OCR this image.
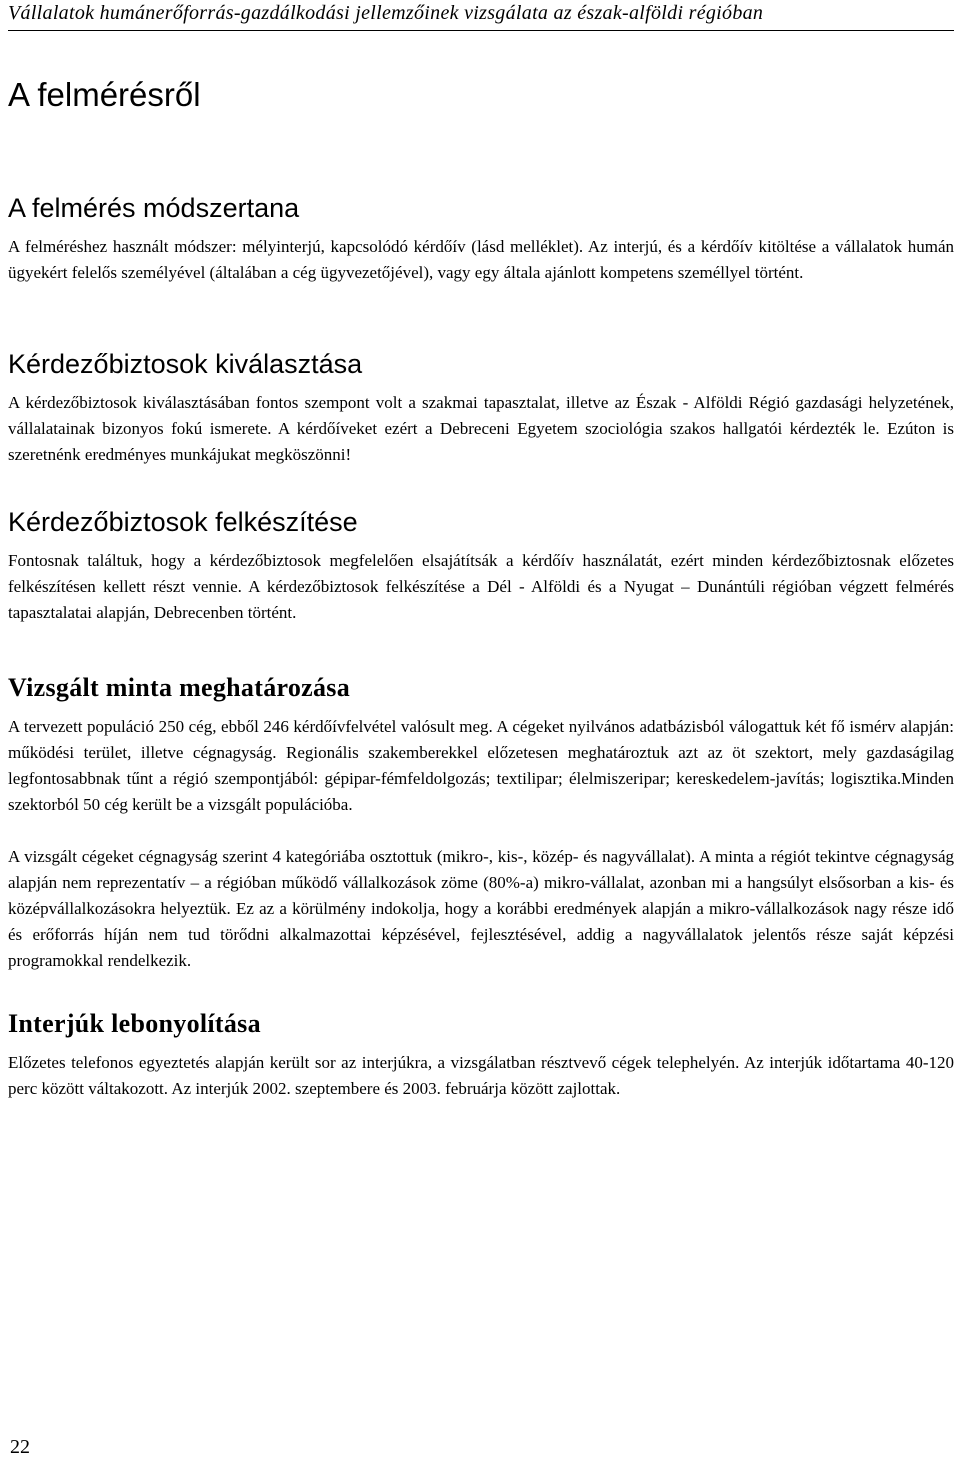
Vállalatok humánerőforrás-gazdálkodási jellemzőinek vizsgálata az észak-alföldi régióban
A felmérésről
A felmérés módszertana

A felméréshez használt módszer: mélyinterjú, kapcsolódó kérdőív (lásd melléklet). Az interjú, és a kérdőív kitöltése a vállalatok humán ügyekért felelős személyével (általában a cég ügyvezetőjével), vagy egy általa ajánlott kompetens személlyel történt.

Kérdezőbiztosok kiválasztása

A kérdezőbiztosok kiválasztásában fontos szempont volt a szakmai tapasztalat, illetve az Észak - Alföldi Régió gazdasági helyzetének, vállalatainak bizonyos fokú ismerete. A kérdőíveket ezért a Debreceni Egyetem szociológia szakos hallgatói kérdezték le. Ezúton is szeretnénk eredményes munkájukat megköszönni!

Kérdezőbiztosok felkészítése

Fontosnak találtuk, hogy a kérdezőbiztosok megfelelően elsajátítsák a kérdőív használatát, ezért minden kérdezőbiztosnak előzetes felkészítésen kellett részt vennie. A kérdezőbiztosok felkészítése a Dél - Alföldi és a Nyugat – Dunántúli régióban végzett felmérés tapasztalatai alapján, Debrecenben történt.

Vizsgált minta meghatározása

A tervezett populáció 250 cég, ebből 246 kérdőívfelvétel valósult meg. A cégeket nyilvános adatbázisból válogattuk két fő ismérv alapján: működési terület, illetve cégnagyság. Regionális szakemberekkel előzetesen meghatároztuk azt az öt szektort, mely gazdaságilag legfontosabbnak tűnt a régió szempontjából: gépipar-fémfeldolgozás; textilipar; élelmiszeripar; kereskedelem-javítás; logisztika.Minden szektorból 50 cég került be a vizsgált populációba.

A vizsgált cégeket cégnagyság szerint 4 kategóriába osztottuk (mikro-, kis-, közép- és nagyvállalat). A minta a régiót tekintve cégnagyság alapján nem reprezentatív – a régióban működő vállalkozások zöme (80%-a) mikro-vállalat, azonban mi a hangsúlyt elsősorban a kis- és középvállalkozásokra helyeztük. Ez az a körülmény indokolja, hogy a korábbi eredmények alapján a mikro-vállalkozások nagy része idő és erőforrás híján nem tud törődni alkalmazottai képzésével, fejlesztésével, addig a nagyvállalatok jelentős része saját képzési programokkal rendelkezik.

Interjúk lebonyolítása

Előzetes telefonos egyeztetés alapján került sor az interjúkra, a vizsgálatban résztvevő cégek telephelyén. Az interjúk időtartama 40-120 perc között váltakozott. Az interjúk 2002. szeptembere és 2003. februárja között zajlottak.

22
